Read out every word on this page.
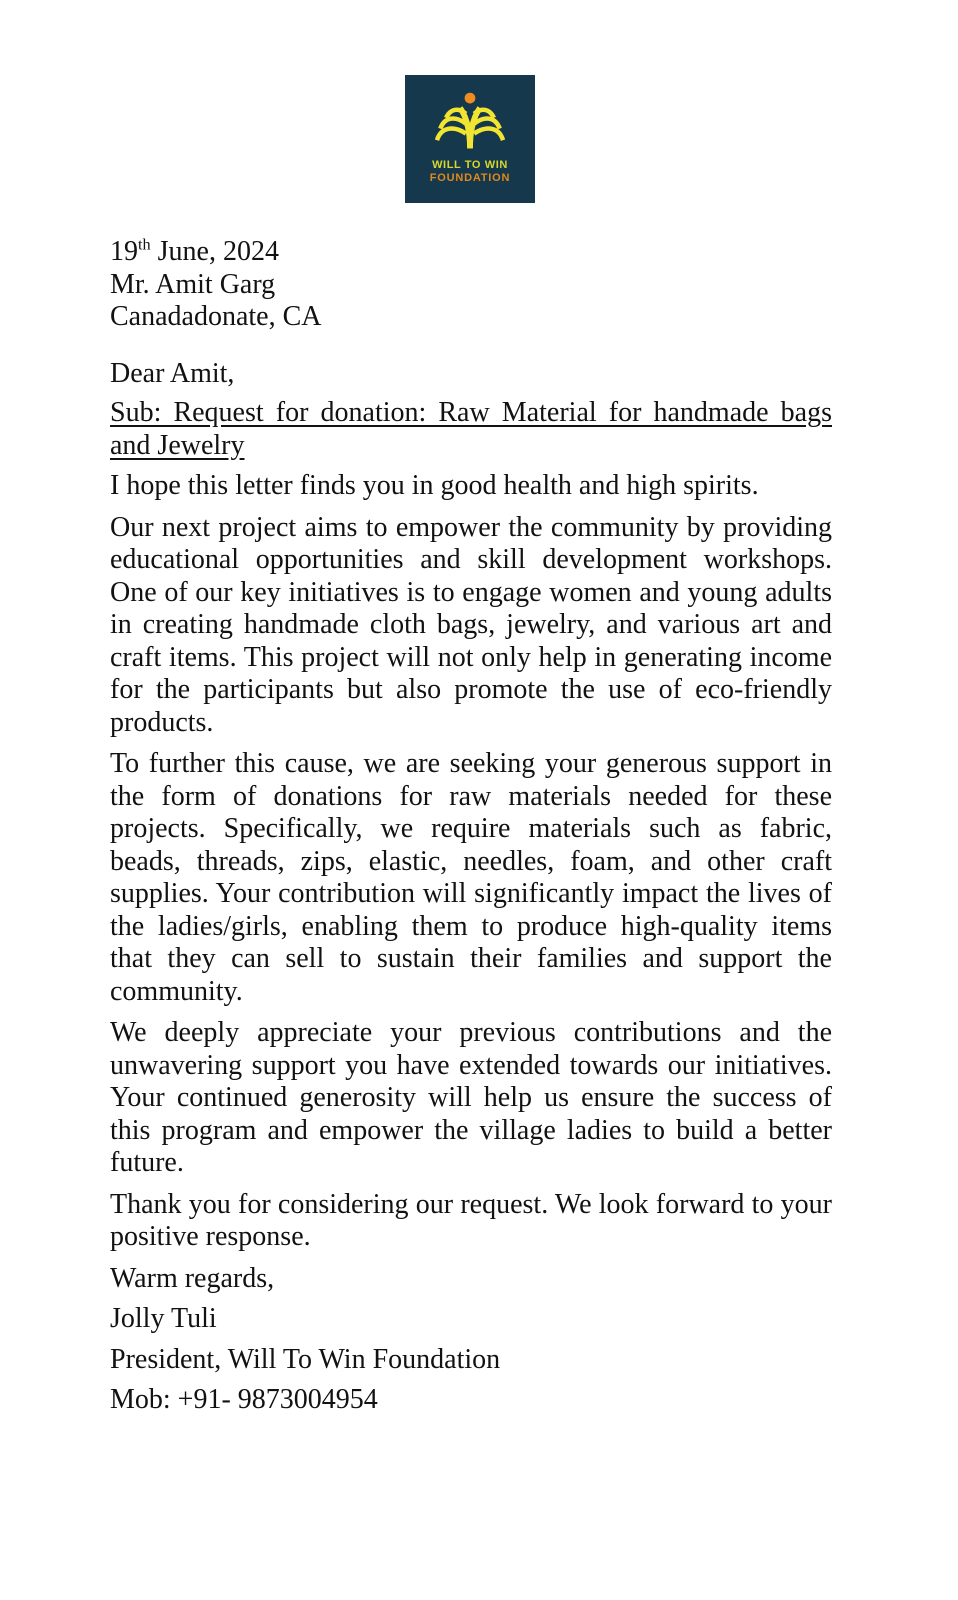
WILL TO WIN
FOUNDATION

19th June, 2024

Mr. Amit Garg

Canadadonate, CA

Dear Amit,

Sub: Request for donation: Raw Material for handmade bags and Jewelry

I hope this letter finds you in good health and high spirits.

Our next project aims to empower the community by providing educational opportunities and skill development workshops. One of our key initiatives is to engage women and young adults in creating handmade cloth bags, jewelry, and various art and craft items. This project will not only help in generating income for the participants but also promote the use of eco-friendly products.

To further this cause, we are seeking your generous support in the form of donations for raw materials needed for these projects. Specifically, we require materials such as fabric, beads, threads, zips, elastic, needles, foam, and other craft supplies. Your contribution will significantly impact the lives of the ladies/girls, enabling them to produce high-quality items that they can sell to sustain their families and support the community.

We deeply appreciate your previous contributions and the unwavering support you have extended towards our initiatives. Your continued generosity will help us ensure the success of this program and empower the village ladies to build a better future.

Thank you for considering our request. We look forward to your positive response.

Warm regards,

Jolly Tuli

President, Will To Win Foundation

Mob: +91- 9873004954
